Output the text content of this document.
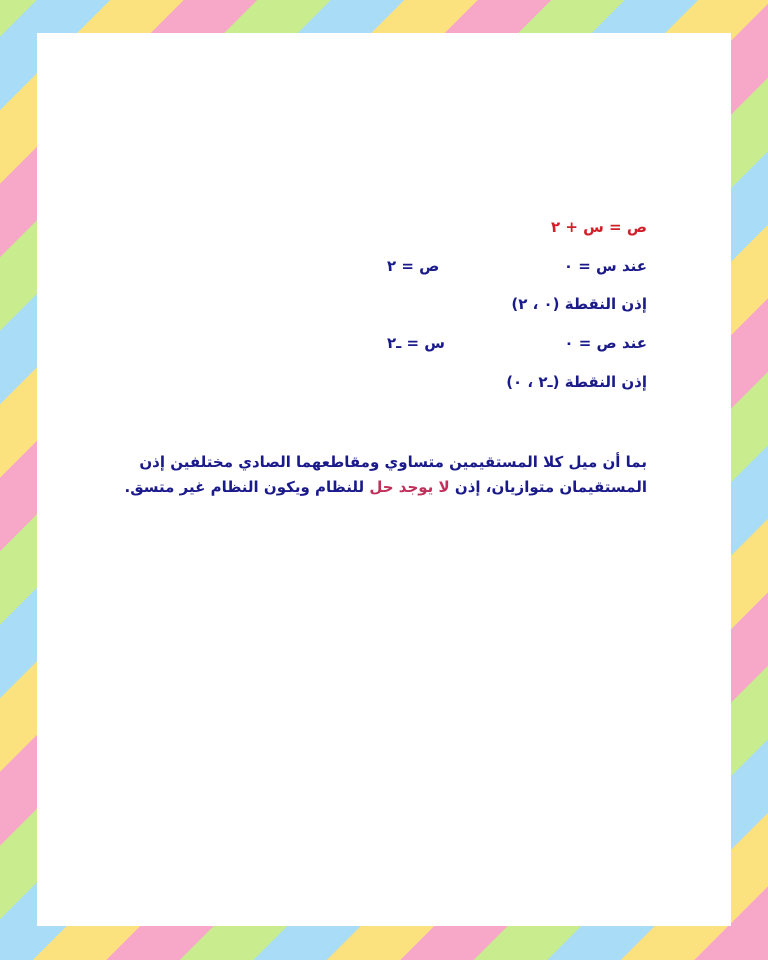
ص = س + ٢
عند س = ٠
ص = ٢
إذن النقطة (٠ ، ٢)
عند ص = ٠
س = ـ٢
إذن النقطة (ـ٢ ، ٠)
بما أن ميل كلا المستقيمين متساوي ومقاطعهما الصادي مختلفين إذن المستقيمان متوازيان، إذن لا يوجد حل للنظام ويكون النظام غير متسق.
